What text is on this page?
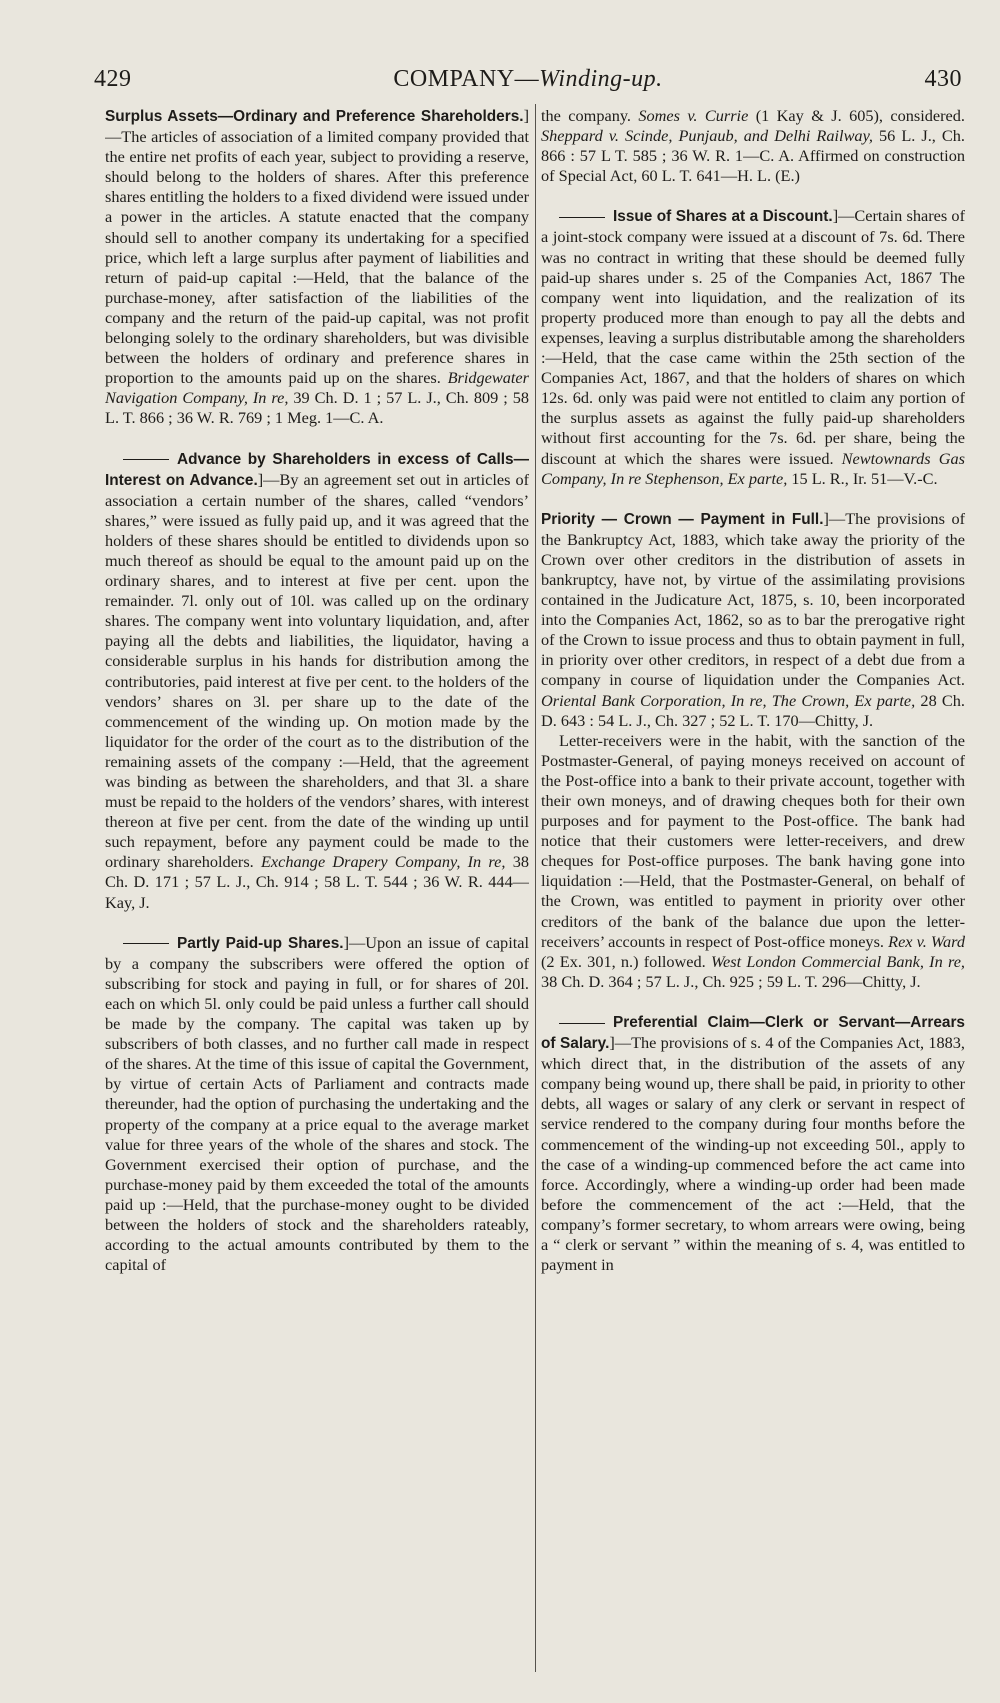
429	COMPANY—Winding-up.	430

Surplus Assets—Ordinary and Preference Shareholders.]—The articles of association of a limited company provided that the entire net profits of each year, subject to providing a reserve, should belong to the holders of shares. After this preference shares entitling the holders to a fixed dividend were issued under a power in the articles. A statute enacted that the company should sell to another company its undertaking for a specified price, which left a large surplus after payment of liabilities and return of paid-up capital :—Held, that the balance of the purchase-money, after satisfaction of the liabilities of the company and the return of the paid-up capital, was not profit belonging solely to the ordinary shareholders, but was divisible between the holders of ordinary and preference shares in proportion to the amounts paid up on the shares. Bridgewater Navigation Company, In re, 39 Ch. D. 1 ; 57 L. J., Ch. 809 ; 58 L. T. 866 ; 36 W. R. 769 ; 1 Meg. 1—C. A.

Advance by Shareholders in excess of Calls—Interest on Advance.]—By an agreement set out in articles of association a certain number of the shares, called “vendors’ shares,” were issued as fully paid up, and it was agreed that the holders of these shares should be entitled to dividends upon so much thereof as should be equal to the amount paid up on the ordinary shares, and to interest at five per cent. upon the remainder. 7l. only out of 10l. was called up on the ordinary shares. The company went into voluntary liquidation, and, after paying all the debts and liabilities, the liquidator, having a considerable surplus in his hands for distribution among the contributories, paid interest at five per cent. to the holders of the vendors’ shares on 3l. per share up to the date of the commencement of the winding up. On motion made by the liquidator for the order of the court as to the distribution of the remaining assets of the company :—Held, that the agreement was binding as between the shareholders, and that 3l. a share must be repaid to the holders of the vendors’ shares, with interest thereon at five per cent. from the date of the winding up until such repayment, before any payment could be made to the ordinary shareholders. Exchange Drapery Company, In re, 38 Ch. D. 171 ; 57 L. J., Ch. 914 ; 58 L. T. 544 ; 36 W. R. 444—Kay, J.

Partly Paid-up Shares.]—Upon an issue of capital by a company the subscribers were offered the option of subscribing for stock and paying in full, or for shares of 20l. each on which 5l. only could be paid unless a further call should be made by the company. The capital was taken up by subscribers of both classes, and no further call made in respect of the shares. At the time of this issue of capital the Government, by virtue of certain Acts of Parliament and contracts made thereunder, had the option of purchasing the undertaking and the property of the company at a price equal to the average market value for three years of the whole of the shares and stock. The Government exercised their option of purchase, and the purchase-money paid by them exceeded the total of the amounts paid up :—Held, that the purchase-money ought to be divided between the holders of stock and the shareholders rateably, according to the actual amounts contributed by them to the capital of

the company. Somes v. Currie (1 Kay & J. 605), considered. Sheppard v. Scinde, Punjaub, and Delhi Railway, 56 L. J., Ch. 866 : 57 L T. 585 ; 36 W. R. 1—C. A. Affirmed on construction of Special Act, 60 L. T. 641—H. L. (E.)

Issue of Shares at a Discount.]—Certain shares of a joint-stock company were issued at a discount of 7s. 6d. There was no contract in writing that these should be deemed fully paid-up shares under s. 25 of the Companies Act, 1867 The company went into liquidation, and the realization of its property produced more than enough to pay all the debts and expenses, leaving a surplus distributable among the shareholders :—Held, that the case came within the 25th section of the Companies Act, 1867, and that the holders of shares on which 12s. 6d. only was paid were not entitled to claim any portion of the surplus assets as against the fully paid-up shareholders without first accounting for the 7s. 6d. per share, being the discount at which the shares were issued. Newtownards Gas Company, In re Stephenson, Ex parte, 15 L. R., Ir. 51—V.-C.

Priority — Crown — Payment in Full.]—The provisions of the Bankruptcy Act, 1883, which take away the priority of the Crown over other creditors in the distribution of assets in bankruptcy, have not, by virtue of the assimilating provisions contained in the Judicature Act, 1875, s. 10, been incorporated into the Companies Act, 1862, so as to bar the prerogative right of the Crown to issue process and thus to obtain payment in full, in priority over other creditors, in respect of a debt due from a company in course of liquidation under the Companies Act. Oriental Bank Corporation, In re, The Crown, Ex parte, 28 Ch. D. 643 : 54 L. J., Ch. 327 ; 52 L. T. 170—Chitty, J.

Letter-receivers were in the habit, with the sanction of the Postmaster-General, of paying moneys received on account of the Post-office into a bank to their private account, together with their own moneys, and of drawing cheques both for their own purposes and for payment to the Post-office. The bank had notice that their customers were letter-receivers, and drew cheques for Post-office purposes. The bank having gone into liquidation :—Held, that the Postmaster-General, on behalf of the Crown, was entitled to payment in priority over other creditors of the bank of the balance due upon the letter-receivers’ accounts in respect of Post-office moneys. Rex v. Ward (2 Ex. 301, n.) followed. West London Commercial Bank, In re, 38 Ch. D. 364 ; 57 L. J., Ch. 925 ; 59 L. T. 296—Chitty, J.

Preferential Claim—Clerk or Servant—Arrears of Salary.]—The provisions of s. 4 of the Companies Act, 1883, which direct that, in the distribution of the assets of any company being wound up, there shall be paid, in priority to other debts, all wages or salary of any clerk or servant in respect of service rendered to the company during four months before the commencement of the winding-up not exceeding 50l., apply to the case of a winding-up commenced before the act came into force. Accordingly, where a winding-up order had been made before the commencement of the act :—Held, that the company’s former secretary, to whom arrears were owing, being a “ clerk or servant ” within the meaning of s. 4, was entitled to payment in
